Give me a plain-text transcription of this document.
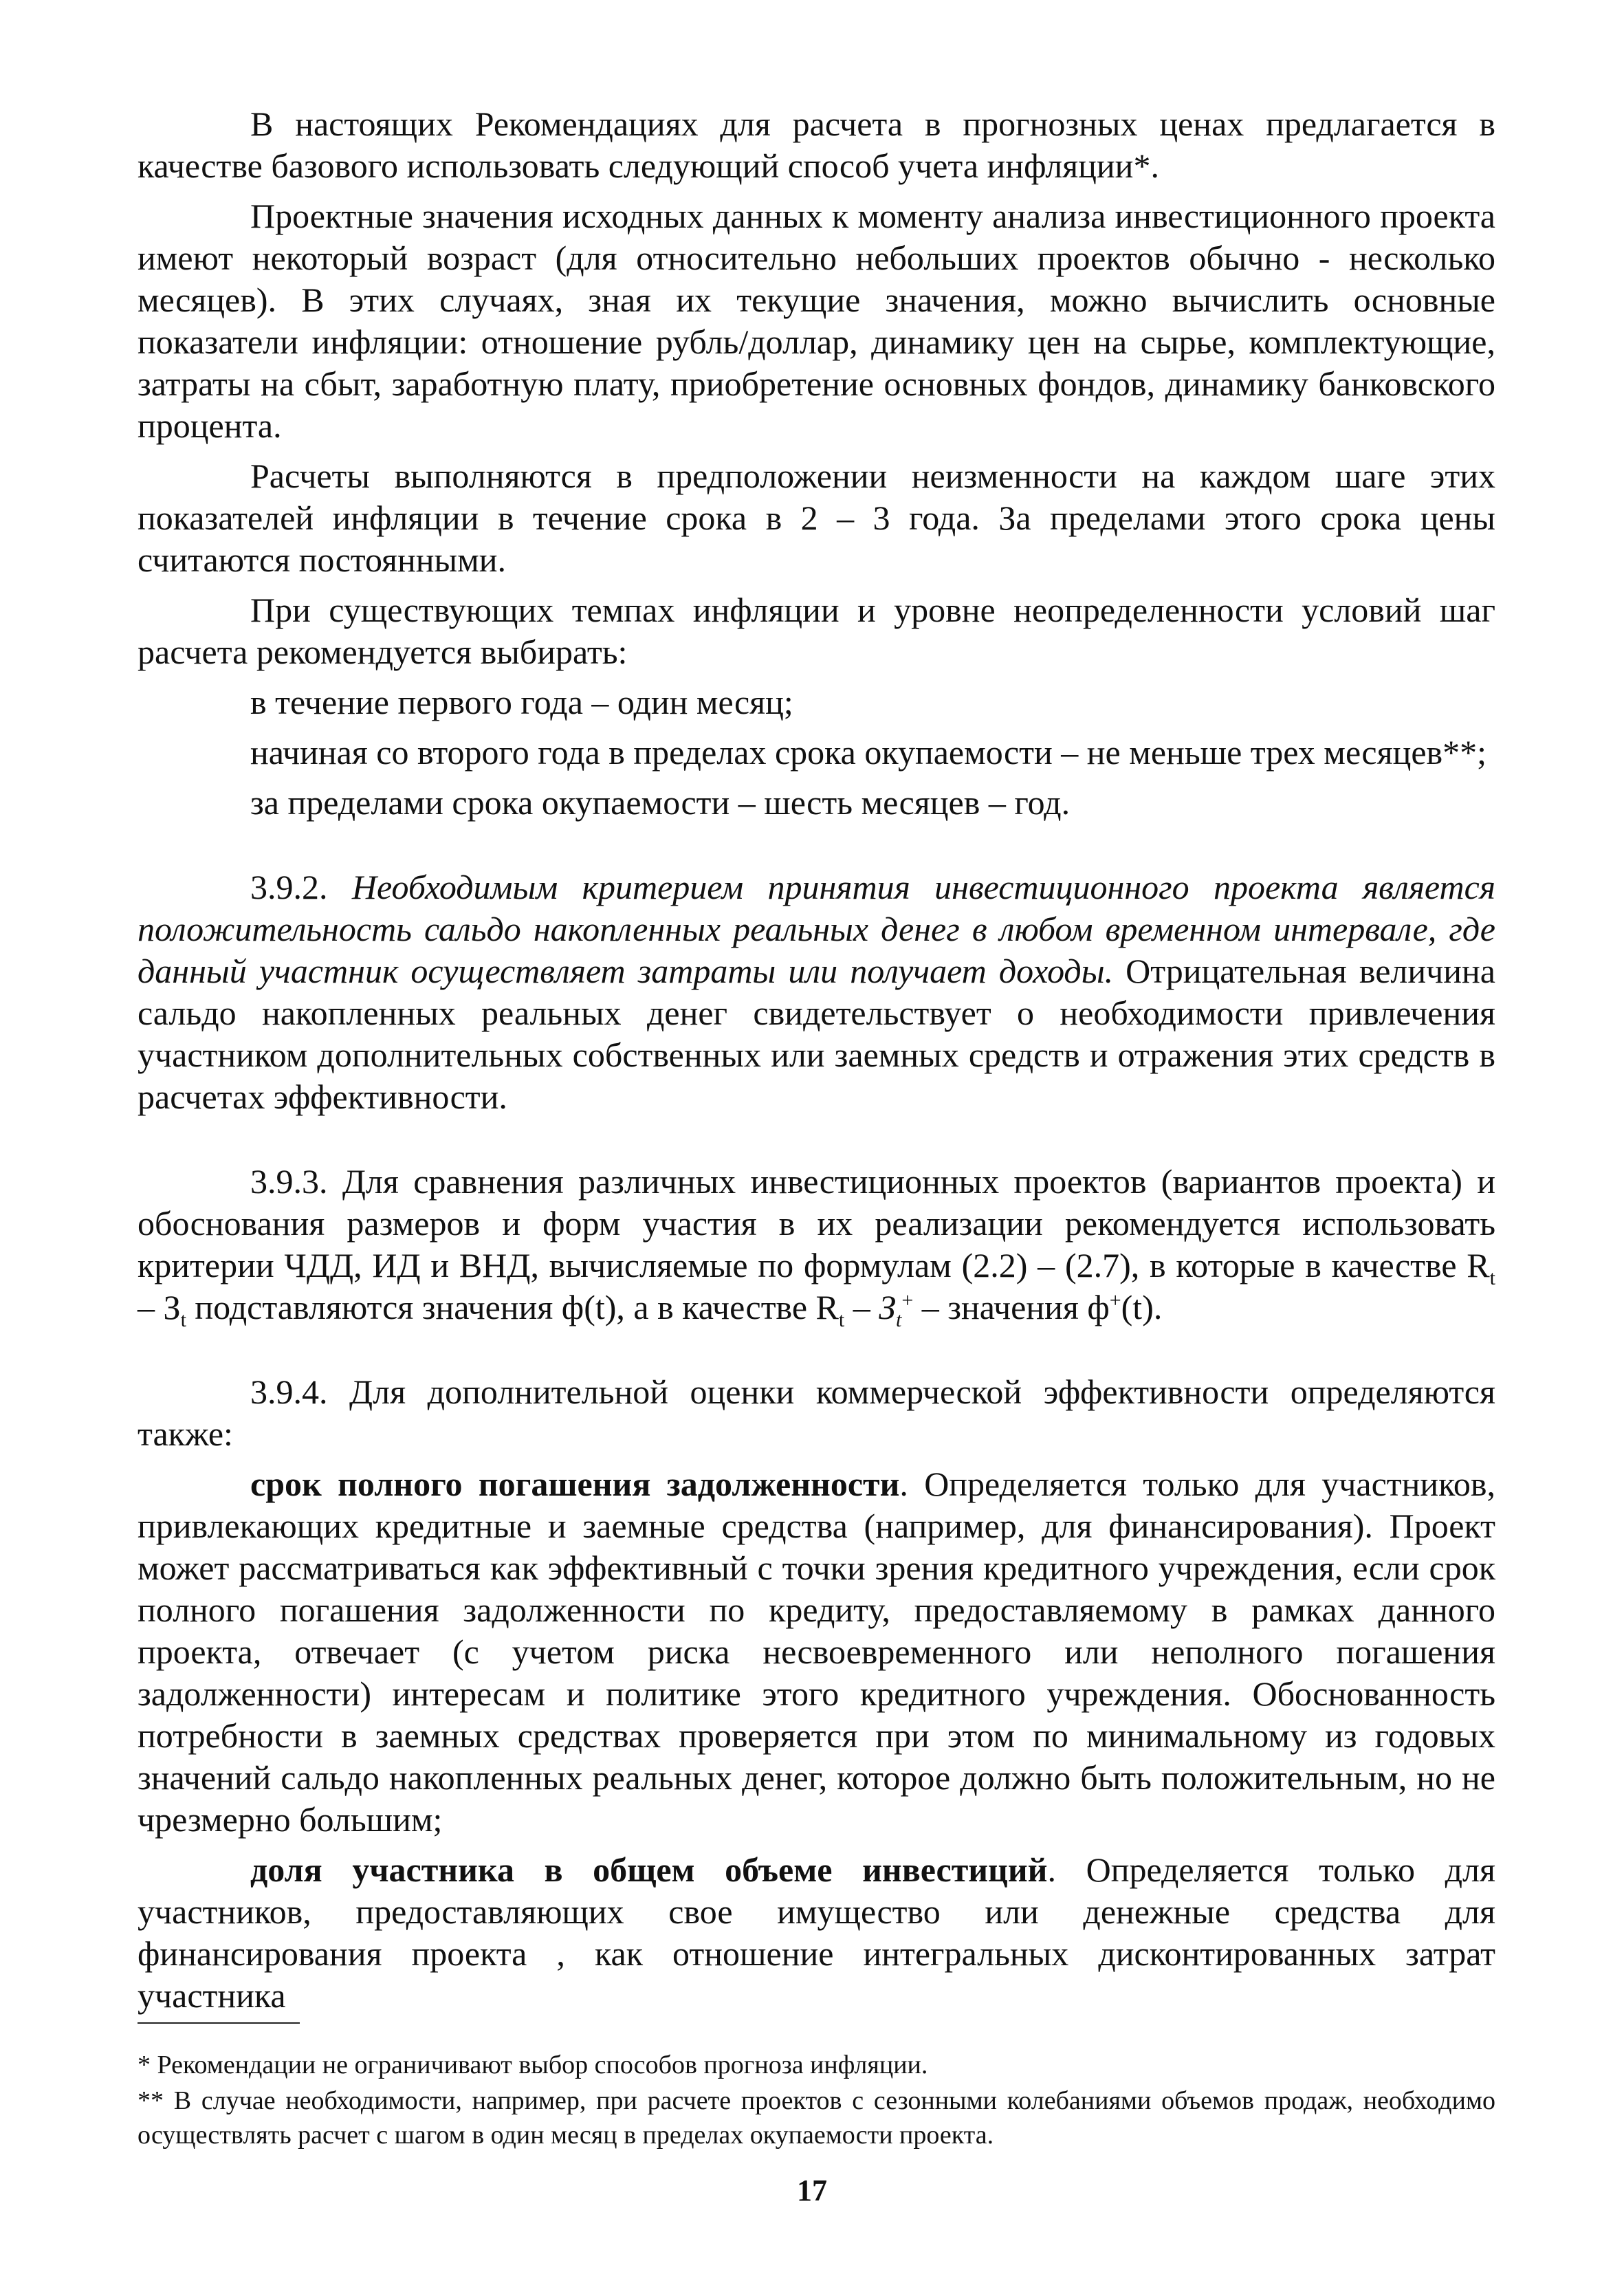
В настоящих Рекомендациях для расчета в прогнозных ценах предлагается в качестве базового использовать следующий способ учета инфляции*.

Проектные значения исходных данных к моменту анализа инвестиционного проекта имеют некоторый возраст (для относительно небольших проектов обычно - несколько месяцев). В этих случаях, зная их текущие значения, можно вычислить основные показатели инфляции: отношение рубль/доллар, динамику цен на сырье, комплектующие, затраты на сбыт, заработную плату, приобретение основных фондов, динамику банковского процента.

Расчеты выполняются в предположении неизменности на каждом шаге этих показателей инфляции в течение срока в 2 – 3 года. За пределами этого срока цены считаются постоянными.

При существующих темпах инфляции и уровне неопределенности условий шаг расчета рекомендуется выбирать:

в течение первого года – один месяц;

начиная со второго года в пределах срока окупаемости – не меньше трех месяцев**;

за пределами срока окупаемости – шесть месяцев – год.

3.9.2. Необходимым критерием принятия инвестиционного проекта является положительность сальдо накопленных реальных денег в любом временном интервале, где данный участник осуществляет затраты или получает доходы. Отрицательная величина сальдо накопленных реальных денег свидетельствует о необходимости привлечения участником дополнительных собственных или заемных средств и отражения этих средств в расчетах эффективности.

3.9.3. Для сравнения различных инвестиционных проектов (вариантов проекта) и обоснования размеров и форм участия в их реализации рекомендуется использовать критерии ЧДД, ИД и ВНД, вычисляемые по формулам (2.2) – (2.7), в которые в качестве $R_t - З_t$ подставляются значения ф(t), а в качестве $R_t - З_t^+$ – значения ф+(t).

3.9.4. Для дополнительной оценки коммерческой эффективности определяются также:

срок полного погашения задолженности. Определяется только для участников, привлекающих кредитные и заемные средства (например, для финансирования). Проект может рассматриваться как эффективный с точки зрения кредитного учреждения, если срок полного погашения задолженности по кредиту, предоставляемому в рамках данного проекта, отвечает (с учетом риска несвоевременного или неполного погашения задолженности) интересам и политике этого кредитного учреждения. Обоснованность потребности в заемных средствах проверяется при этом по минимальному из годовых значений сальдо накопленных реальных денег, которое должно быть положительным, но не чрезмерно большим;

доля участника в общем объеме инвестиций. Определяется только для участников, предоставляющих свое имущество или денежные средства для финансирования проекта , как отношение интегральных дисконтированных затрат участника

* Рекомендации не ограничивают выбор способов прогноза инфляции.

** В случае необходимости, например, при расчете проектов с сезонными колебаниями объемов продаж, необходимо осуществлять расчет с шагом в один месяц в пределах окупаемости проекта.

17
